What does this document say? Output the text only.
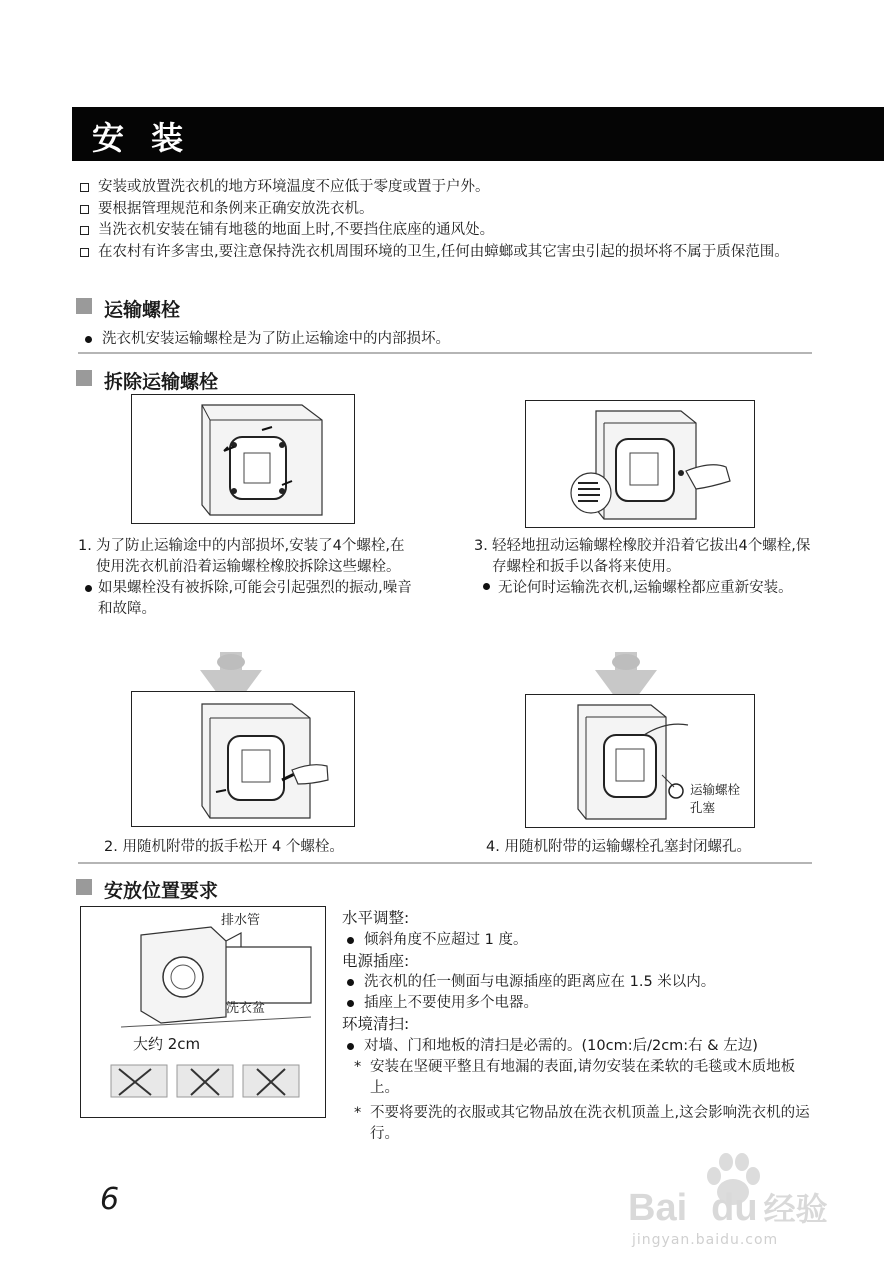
安 装
安装或放置洗衣机的地方环境温度不应低于零度或置于户外。
要根据管理规范和条例来正确安放洗衣机。
当洗衣机安装在铺有地毯的地面上时,不要挡住底座的通风处。
在农村有许多害虫,要注意保持洗衣机周围环境的卫生,任何由蟑螂或其它害虫引起的损坏将不属于质保范围。
运输螺栓
洗衣机安装运输螺栓是为了防止运输途中的内部损坏。
拆除运输螺栓
1. 为了防止运输途中的内部损坏,安装了4个螺栓,在使用洗衣机前沿着运输螺栓橡胶拆除这些螺栓。
如果螺栓没有被拆除,可能会引起强烈的振动,噪音和故障。
3. 轻轻地扭动运输螺栓橡胶并沿着它拔出4个螺栓,保存螺栓和扳手以备将来使用。
无论何时运输洗衣机,运输螺栓都应重新安装。
运输螺栓
孔塞
2. 用随机附带的扳手松开 4 个螺栓。	4. 用随机附带的运输螺栓孔塞封闭螺孔。
安放位置要求
排水管
洗衣盆
大约 2cm
水平调整:
倾斜角度不应超过 1 度。
电源插座:
洗衣机的任一侧面与电源插座的距离应在 1.5 米以内。
插座上不要使用多个电器。
环境清扫:
对墙、门和地板的清扫是必需的。(10cm:后/2cm:右 & 左边)
* 安装在坚硬平整且有地漏的表面,请勿安装在柔软的毛毯或木质地板上。
* 不要将要洗的衣服或其它物品放在洗衣机顶盖上,这会影响洗衣机的运行。
6	Bai du 经验
jingyan.baidu.com
